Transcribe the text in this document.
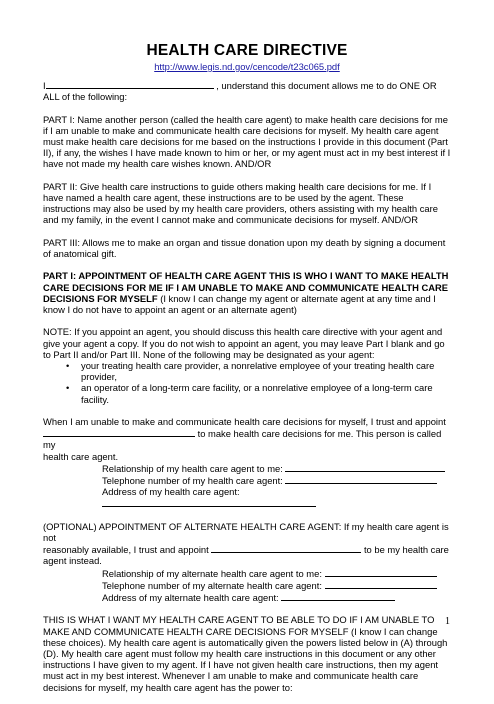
HEALTH CARE DIRECTIVE
http://www.legis.nd.gov/cencode/t23c065.pdf

I	, understand this document allows me to do ONE OR ALL of the following:

PART I: Name another person (called the health care agent) to make health care decisions for me if I am unable to make and communicate health care decisions for myself. My health care agent must make health care decisions for me based on the instructions I provide in this document (Part II), if any, the wishes I have made known to him or her, or my agent must act in my best interest if I have not made my health care wishes known. AND/OR

PART II: Give health care instructions to guide others making health care decisions for me. If I have named a health care agent, these instructions are to be used by the agent. These instructions may also be used by my health care providers, others assisting with my health care and my family, in the event I cannot make and communicate decisions for myself. AND/OR

PART III: Allows me to make an organ and tissue donation upon my death by signing a document of anatomical gift.

PART I: APPOINTMENT OF HEALTH CARE AGENT THIS IS WHO I WANT TO MAKE HEALTH CARE DECISIONS FOR ME IF I AM UNABLE TO MAKE AND COMMUNICATE HEALTH CARE DECISIONS FOR MYSELF (I know I can change my agent or alternate agent at any time and I know I do not have to appoint an agent or an alternate agent)

NOTE: If you appoint an agent, you should discuss this health care directive with your agent and give your agent a copy. If you do not wish to appoint an agent, you may leave Part I blank and go to Part II and/or Part III. None of the following may be designated as your agent:

• your treating health care provider, a nonrelative employee of your treating health care provider,
• an operator of a long-term care facility, or a nonrelative employee of a long-term care facility.
When I am unable to make and communicate health care decisions for myself, I trust and appoint
to make health care decisions for me. This person is called my
health care agent.
Relationship of my health care agent to me:
Telephone number of my health care agent:
Address of my health care agent:
(OPTIONAL) APPOINTMENT OF ALTERNATE HEALTH CARE AGENT: If my health care agent is not
reasonably available, I trust and appoint	to be my health care agent instead.
Relationship of my alternate health care agent to me:
Telephone number of my alternate health care agent:
Address of my alternate health care agent:

THIS IS WHAT I WANT MY HEALTH CARE AGENT TO BE ABLE TO DO IF I AM UNABLE TO MAKE AND COMMUNICATE HEALTH CARE DECISIONS FOR MYSELF (I know I can change these choices). My health care agent is automatically given the powers listed below in (A) through (D). My health care agent must follow my health care instructions in this document or any other instructions I have given to my agent. If I have not given health care instructions, then my agent must act in my best interest. Whenever I am unable to make and communicate health care decisions for myself, my health care agent has the power to:

1
